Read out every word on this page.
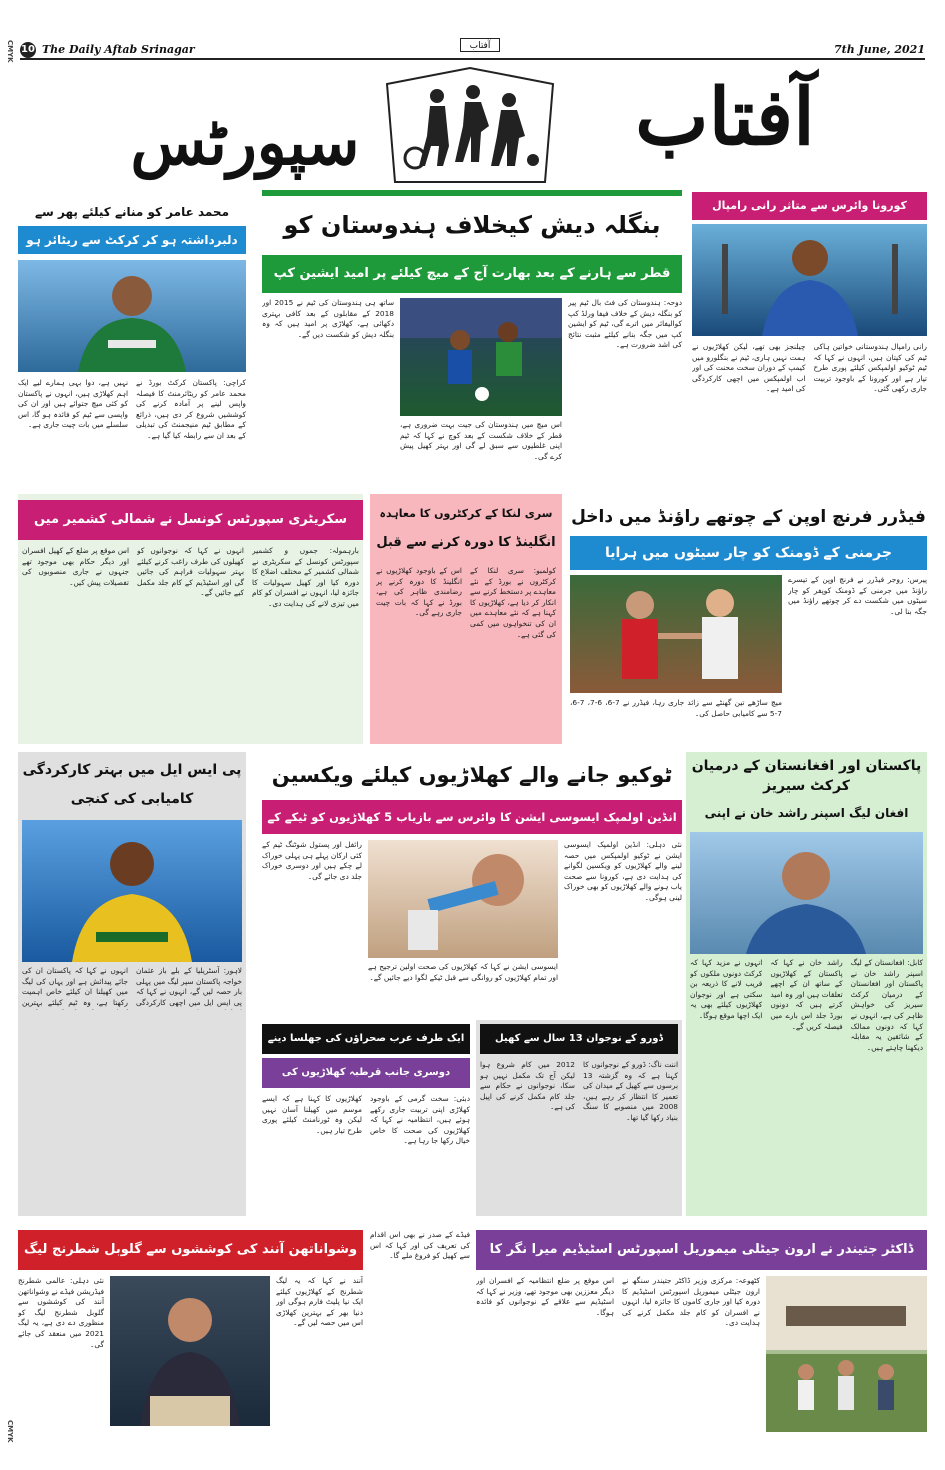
CMYK
CMYK
10 The Daily Aftab Srinagar	آفتاب	7th June, 2021
آفتاب
سپورٹس
محمد عامر کو منانے کیلئے پھر سے
دلبرداشتہ ہو کر کرکٹ سے ریٹائر ہو
کراچی: پاکستان کرکٹ بورڈ نے محمد عامر کو ریٹائرمنٹ کا فیصلہ واپس لینے پر آمادہ کرنے کی کوششیں شروع کر دی ہیں، ذرائع کے مطابق ٹیم منیجمنٹ کی تبدیلی کے بعد ان سے رابطہ کیا گیا ہے۔
نہیں ہے، دوا بہی ہمارے لیے ایک اہم کھلاڑی ہیں، انہوں نے پاکستان کو کئی میچ جتوائے ہیں اور ان کی واپسی سے ٹیم کو فائدہ ہو گا، اس سلسلے میں بات چیت جاری ہے۔
بنگلہ دیش کیخلاف ہندوستان کو
قطر سے ہارنے کے بعد بھارت آج کے میچ کیلئے پر امید ایشین کپ
ساتھ ہی ہندوستان کی ٹیم نے 2015 اور 2018 کے مقابلوں کے بعد کافی بہتری دکھائی ہے، کھلاڑی پر امید ہیں کہ وہ بنگلہ دیش کو شکست دیں گے۔
دوحہ: ہندوستان کی فٹ بال ٹیم پیر کو بنگلہ دیش کے خلاف فیفا ورلڈ کپ کوالیفائر میں اترے گی، ٹیم کو ایشین کپ میں جگہ بنانے کیلئے مثبت نتائج کی اشد ضرورت ہے۔
اس میچ میں ہندوستان کی جیت بہت ضروری ہے، قطر کے خلاف شکست کے بعد کوچ نے کہا کہ ٹیم اپنی غلطیوں سے سبق لے گی اور بہتر کھیل پیش کرے گی۔
کورونا وائرس سے متاثر رانی رامپال
رانی رامپال ہندوستانی خواتین ہاکی ٹیم کی کپتان ہیں، انہوں نے کہا کہ ٹیم ٹوکیو اولمپکس کیلئے پوری طرح تیار ہے اور کورونا کے باوجود تربیت جاری رکھی گئی۔
چیلنجز بھی تھے، لیکن کھلاڑیوں نے ہمت نہیں ہاری، ٹیم نے بنگلورو میں کیمپ کے دوران سخت محنت کی اور اب اولمپکس میں اچھی کارکردگی کی امید ہے۔
سکریٹری سپورٹس کونسل نے شمالی کشمیر میں
بارہمولہ: جموں و کشمیر سپورٹس کونسل کے سکریٹری نے شمالی کشمیر کے مختلف اضلاع کا دورہ کیا اور کھیل سہولیات کا جائزہ لیا، انہوں نے افسران کو کام میں تیزی لانے کی ہدایت دی۔
انہوں نے کہا کہ نوجوانوں کو کھیلوں کی طرف راغب کرنے کیلئے بہتر سہولیات فراہم کی جائیں گی اور اسٹیڈیم کے کام جلد مکمل کیے جائیں گے۔
اس موقع پر ضلع کے کھیل افسران اور دیگر حکام بھی موجود تھے جنہوں نے جاری منصوبوں کی تفصیلات پیش کیں۔
سری لنکا کے کرکٹروں کا معاہدہ
انگلینڈ کا دورہ کرنے سے قبل
کولمبو: سری لنکا کے کرکٹروں نے بورڈ کے نئے معاہدے پر دستخط کرنے سے انکار کر دیا ہے، کھلاڑیوں کا کہنا ہے کہ نئے معاہدے میں ان کی تنخواہوں میں کمی کی گئی ہے۔
اس کے باوجود کھلاڑیوں نے انگلینڈ کا دورہ کرنے پر رضامندی ظاہر کی ہے، بورڈ نے کہا کہ بات چیت جاری رہے گی۔
فیڈرر فرنچ اوپن کے چوتھے راؤنڈ میں داخل
جرمنی کے ڈومنک کو چار سیٹوں میں ہرایا
پیرس: روجر فیڈرر نے فرنچ اوپن کے تیسرے راؤنڈ میں جرمنی کے ڈومنک کوپفر کو چار سیٹوں میں شکست دے کر چوتھے راؤنڈ میں جگہ بنا لی۔
میچ ساڑھے تین گھنٹے سے زائد جاری رہا، فیڈرر نے 7-6، 6-7، 7-6، 7-5 سے کامیابی حاصل کی۔
پی ایس ایل میں بہتر کارکردگی کامیابی کی کنجی
لاہور: آسٹریلیا کے بلے باز عثمان خواجہ پاکستان سپر لیگ میں پہلی بار حصہ لیں گے، انہوں نے کہا کہ پی ایس ایل میں اچھی کارکردگی
انہوں نے کہا کہ پاکستان ان کی جائے پیدائش ہے اور یہاں کی لیگ میں کھیلنا ان کیلئے خاص اہمیت رکھتا ہے، وہ ٹیم کیلئے بہترین
ٹوکیو جانے والے کھلاڑیوں کیلئے ویکسین
انڈین اولمپک ایسوسی ایشن کا وائرس سے بازیاب 5 کھلاڑیوں کو ٹیکے کے
رائفل اور پستول شوٹنگ ٹیم کے کئی ارکان پہلے ہی پہلی خوراک لے چکے ہیں اور دوسری خوراک جلد دی جائے گی۔
نئی دہلی: انڈین اولمپک ایسوسی ایشن نے ٹوکیو اولمپکس میں حصہ لینے والے کھلاڑیوں کو ویکسین لگوانے کی ہدایت دی ہے، کورونا سے صحت یاب ہونے والے کھلاڑیوں کو بھی خوراک لینی ہوگی۔
ایسوسی ایشن نے کہا کہ کھلاڑیوں کی صحت اولین ترجیح ہے اور تمام کھلاڑیوں کو روانگی سے قبل ٹیکے لگوا دیے جائیں گے۔
پاکستان اور افغانستان کے درمیان کرکٹ سیریز
افغان لیگ اسپنر راشد خان نے اپنی
کابل: افغانستان کے لیگ اسپنر راشد خان نے پاکستان اور افغانستان کے درمیان کرکٹ سیریز کی خواہش ظاہر کی ہے، انہوں نے کہا کہ دونوں ممالک کے شائقین یہ مقابلہ دیکھنا چاہتے ہیں۔
راشد خان نے کہا کہ پاکستان کے کھلاڑیوں کے ساتھ ان کے اچھے تعلقات ہیں اور وہ امید کرتے ہیں کہ دونوں بورڈ جلد اس بارے میں فیصلہ کریں گے۔
انہوں نے مزید کہا کہ کرکٹ دونوں ملکوں کو قریب لانے کا ذریعہ بن سکتی ہے اور نوجوان کھلاڑیوں کیلئے بھی یہ ایک اچھا موقع ہوگا۔
ڈورو کے نوجوان 13 سال سے کھیل
اننت ناگ: ڈورو کے نوجوانوں کا کہنا ہے کہ وہ گزشتہ 13 برسوں سے کھیل کے میدان کی تعمیر کا انتظار کر رہے ہیں، 2008 میں منصوبے کا سنگ بنیاد رکھا گیا تھا۔
2012 میں کام شروع ہوا لیکن آج تک مکمل نہیں ہو سکا، نوجوانوں نے حکام سے جلد کام مکمل کرنے کی اپیل کی ہے۔
ایک طرف عرب صحراؤں کی جھلسا دینے
دوسری جانب قرطبہ کھلاڑیوں کی
دبئی: سخت گرمی کے باوجود کھلاڑی اپنی تربیت جاری رکھے ہوئے ہیں، انتظامیہ نے کہا کہ کھلاڑیوں کی صحت کا خاص خیال رکھا جا رہا ہے۔
کھلاڑیوں کا کہنا ہے کہ ایسے موسم میں کھیلنا آسان نہیں لیکن وہ ٹورنامنٹ کیلئے پوری طرح تیار ہیں۔
وشواناتھن آنند کی کوششوں سے گلوبل شطرنج لیگ
نئی دہلی: عالمی شطرنج فیڈریشن فیڈے نے وشواناتھن آنند کی کوششوں سے گلوبل شطرنج لیگ کو منظوری دے دی ہے، یہ لیگ 2021 میں منعقد کی جائے گی۔
آنند نے کہا کہ یہ لیگ شطرنج کے کھلاڑیوں کیلئے ایک نیا پلیٹ فارم ہوگی اور دنیا بھر کے بہترین کھلاڑی اس میں حصہ لیں گے۔
فیڈے کے صدر نے بھی اس اقدام کی تعریف کی اور کہا کہ اس سے کھیل کو فروغ ملے گا۔	ڈاکٹر جتیندر نے ارون جیٹلی میموریل اسپورٹس اسٹیڈیم میرا نگر کا
کٹھوعہ: مرکزی وزیر ڈاکٹر جتیندر سنگھ نے ارون جیٹلی میموریل اسپورٹس اسٹیڈیم کا دورہ کیا اور جاری کاموں کا جائزہ لیا، انہوں نے افسران کو کام جلد مکمل کرنے کی ہدایت دی۔
اس موقع پر ضلع انتظامیہ کے افسران اور دیگر معززین بھی موجود تھے، وزیر نے کہا کہ اسٹیڈیم سے علاقے کے نوجوانوں کو فائدہ ہوگا۔
